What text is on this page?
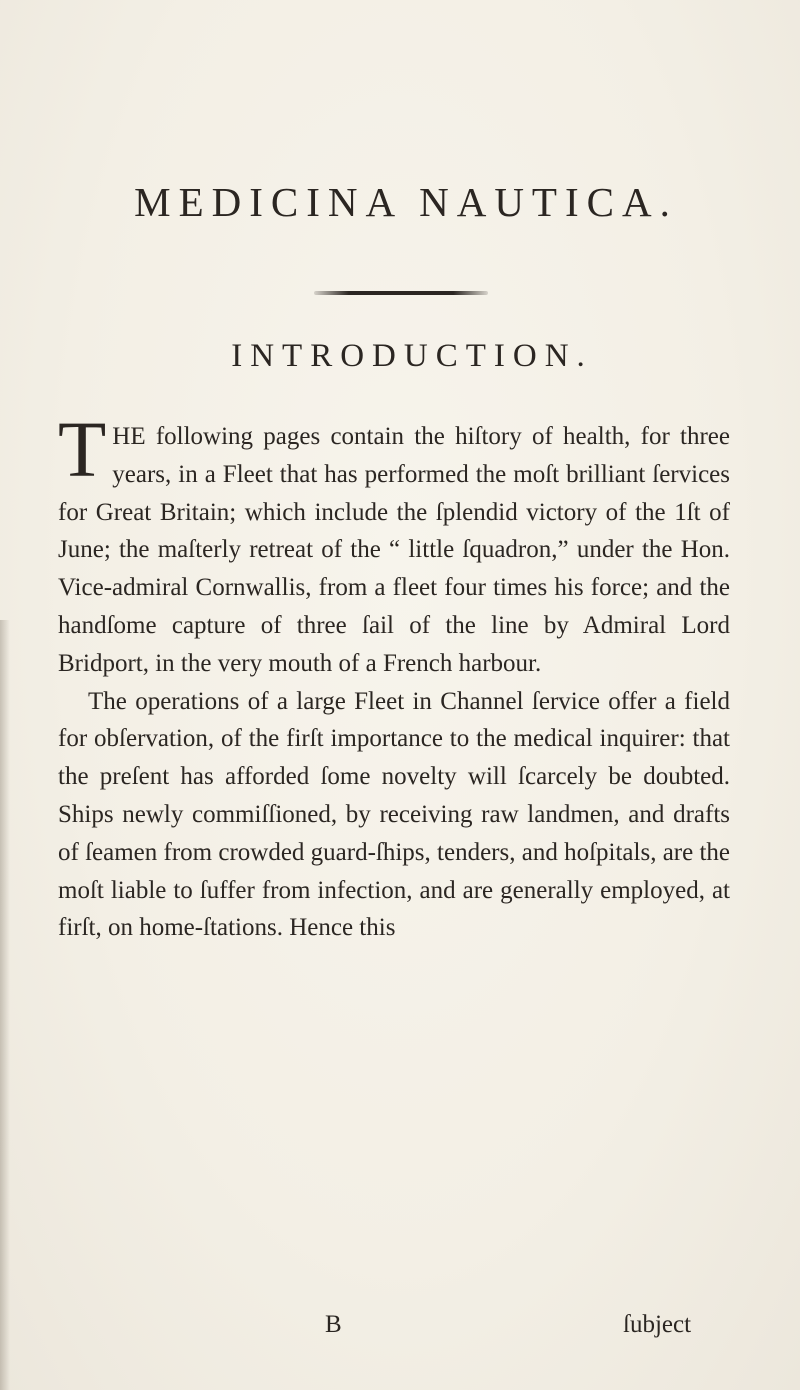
MEDICINA NAUTICA.
INTRODUCTION.

THE following pages contain the hiſtory of health, for three years, in a Fleet that has performed the moſt brilliant ſervices for Great Britain; which include the ſplendid victory of the 1ſt of June; the maſterly retreat of the “ little ſquadron,” under the Hon. Vice-admiral Cornwallis, from a fleet four times his force; and the handſome capture of three ſail of the line by Admiral Lord Bridport, in the very mouth of a French harbour.

The operations of a large Fleet in Channel ſervice offer a field for obſervation, of the firſt importance to the medical inquirer: that the preſent has afforded ſome novelty will ſcarcely be doubted. Ships newly commiſſioned, by receiving raw landmen, and drafts of ſeamen from crowded guard-ſhips, tenders, and hoſpitals, are the moſt liable to ſuffer from infection, and are generally employed, at firſt, on home-ſtations. Hence this

B	ſubject
